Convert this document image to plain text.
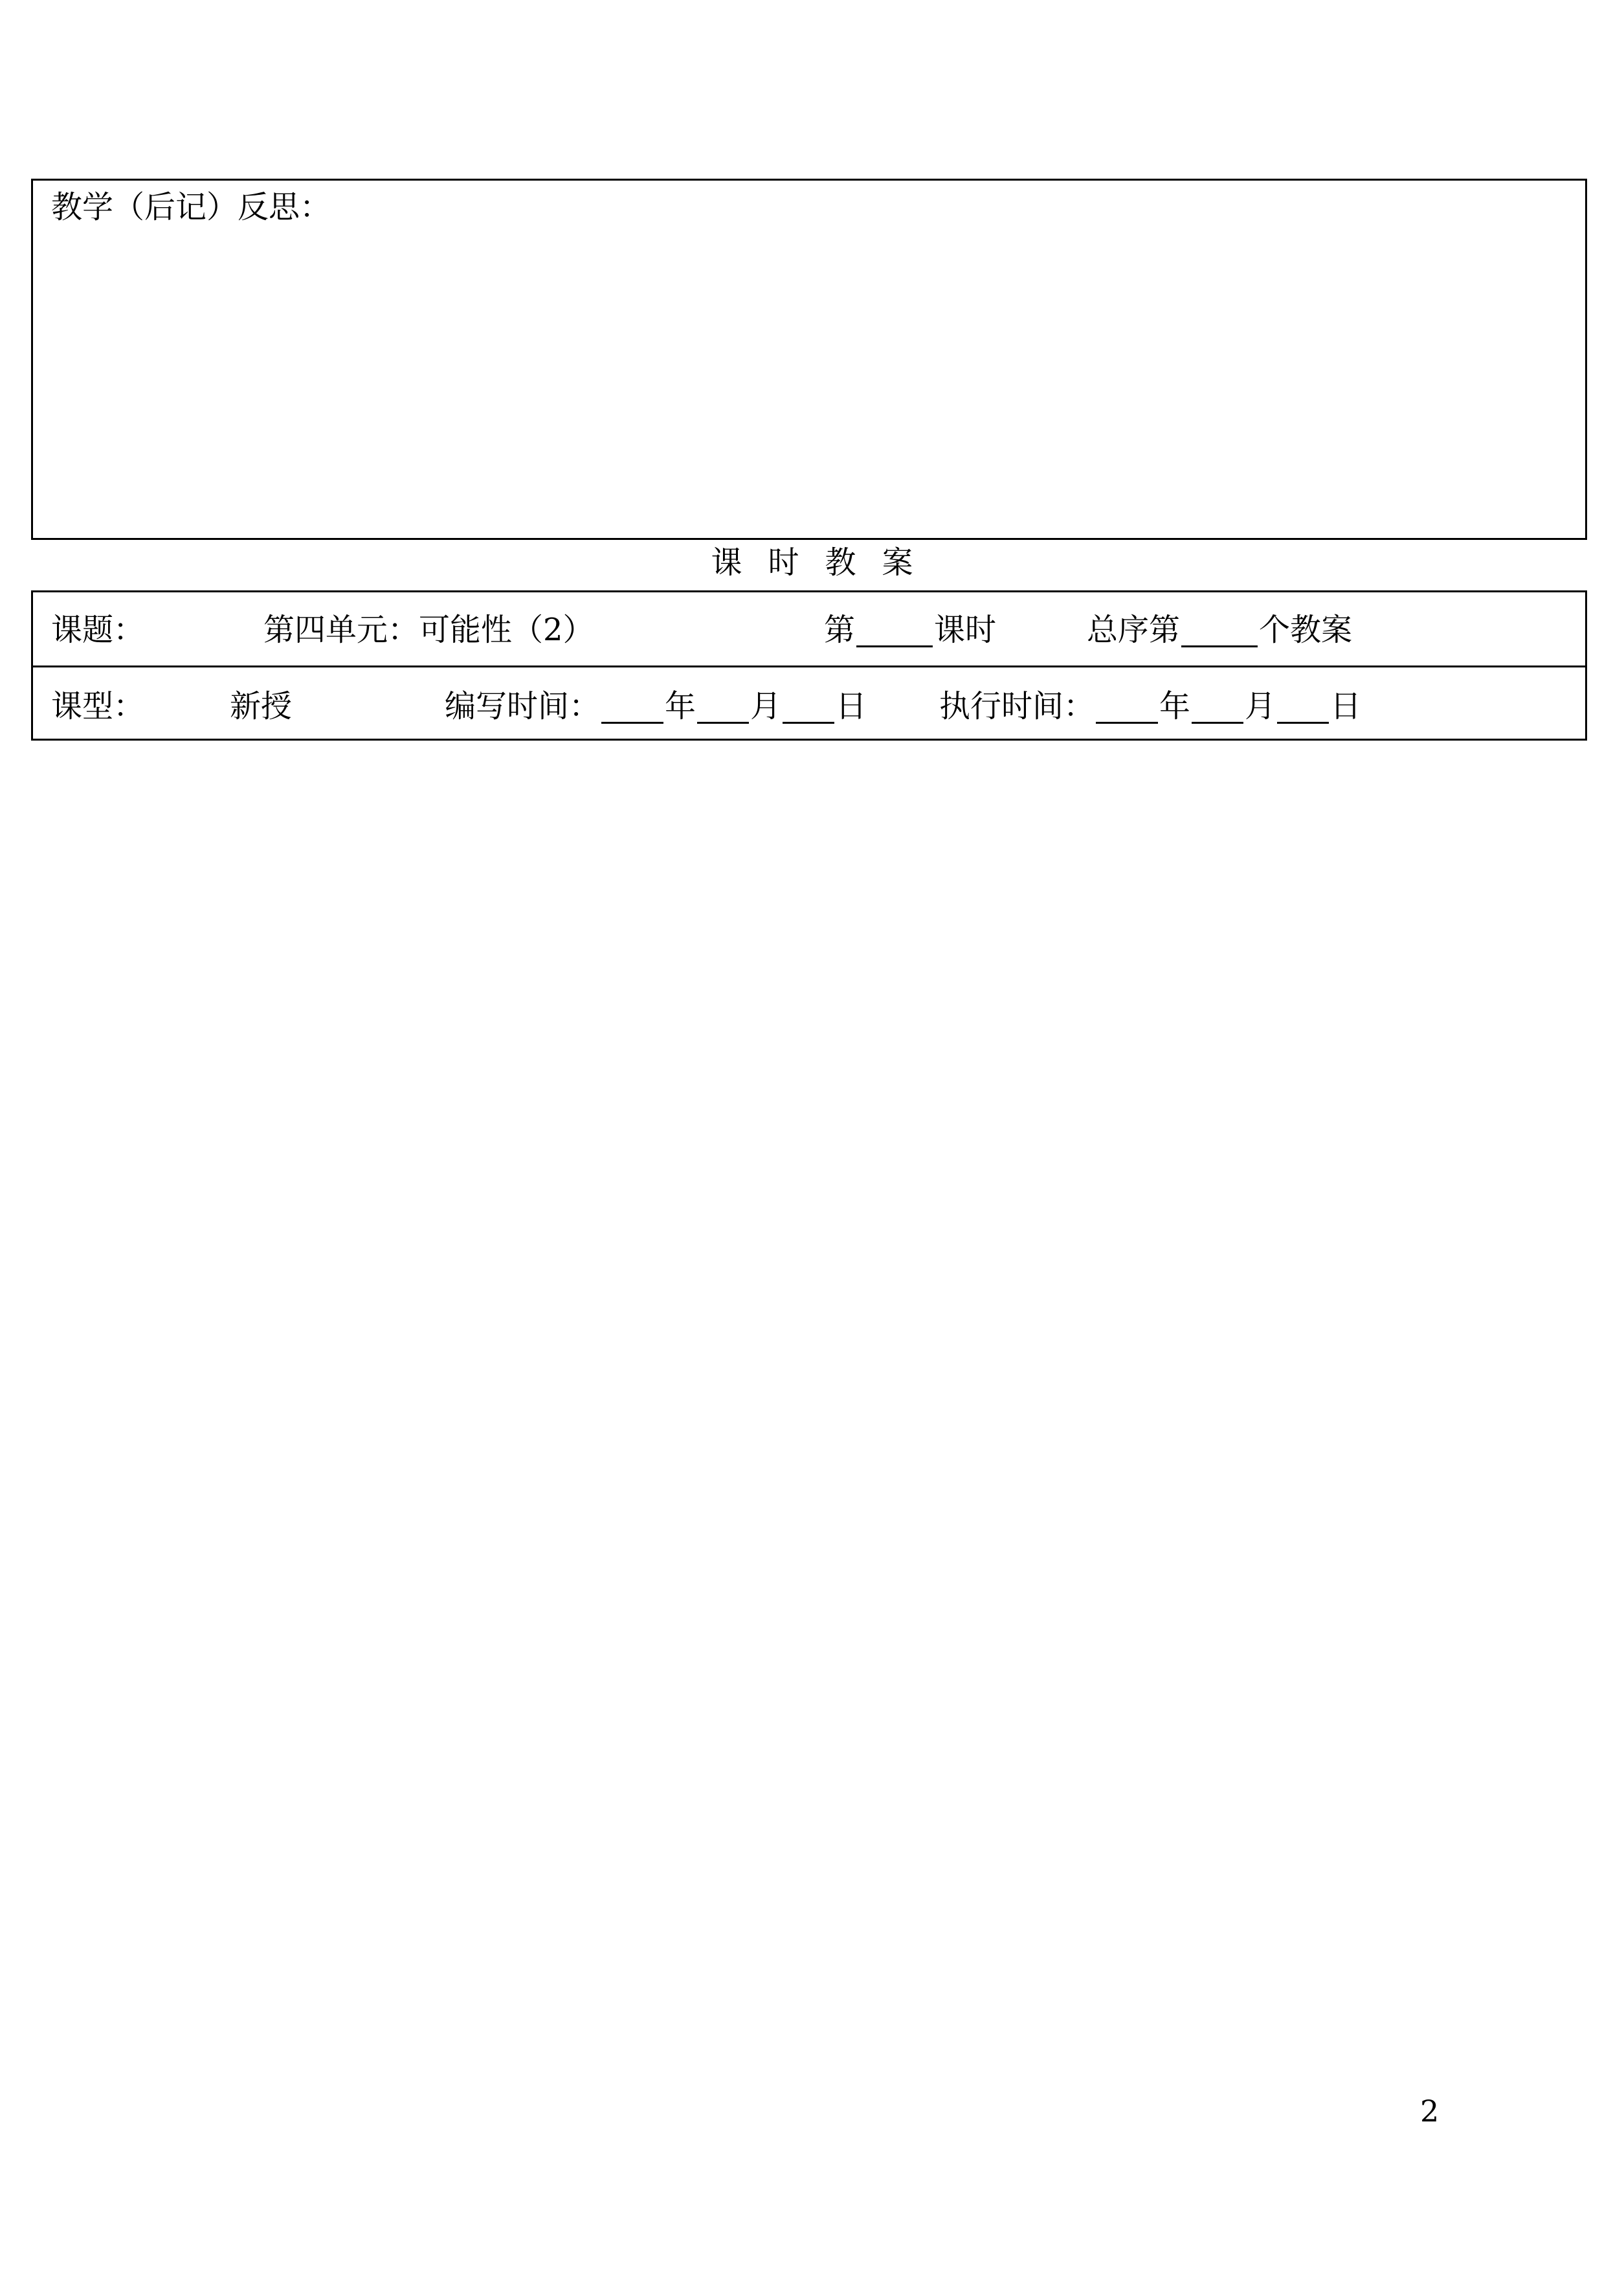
教学（后记）反思：
课时教案
课题：	第四单元：可能性（2）	第	课时	总序第	个教案
课型：	新授	编写时间： 年 月 日 执行时间： 年 月 日
2
